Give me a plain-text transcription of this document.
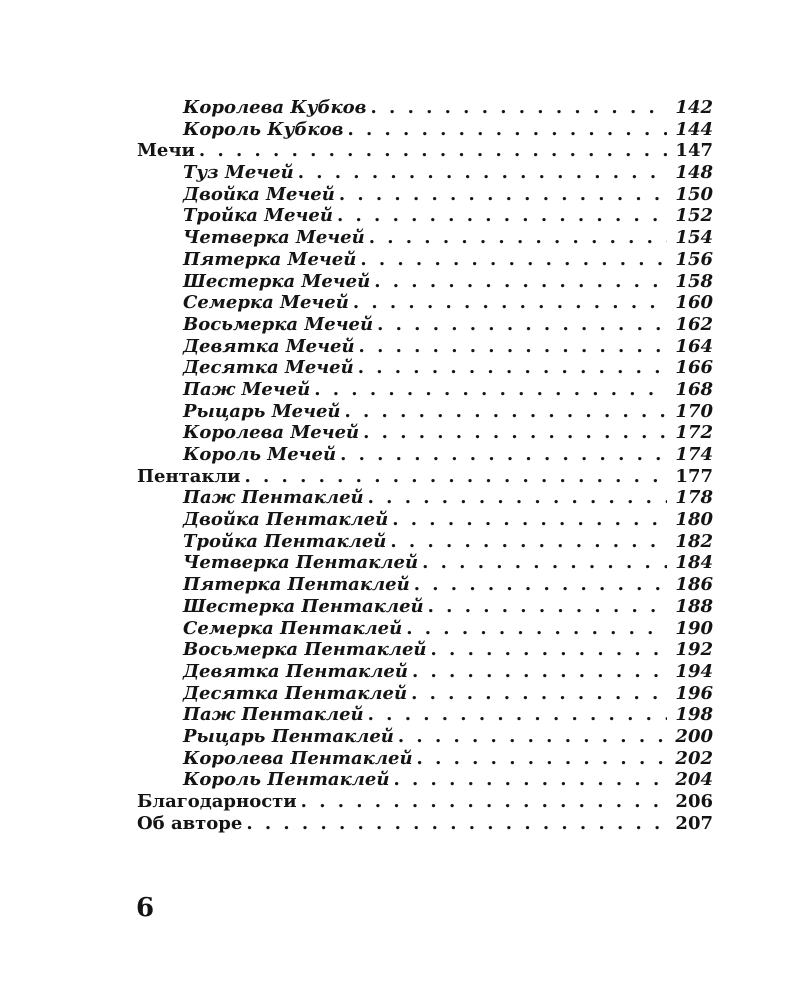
Королева Кубков . . .	142
Король Кубков . . .	144
Мечи . . .	147
Туз Мечей . . .	148
Двойка Мечей . . .	150
Тройка Мечей . . .	152
Четверка Мечей . . .	154
Пятерка Мечей . . .	156
Шестерка Мечей . . .	158
Семерка Мечей . . .	160
Восьмерка Мечей . . .	162
Девятка Мечей . . .	164
Десятка Мечей . . .	166
Паж Мечей . . .	168
Рыцарь Мечей . . .	170
Королева Мечей . . .	172
Король Мечей . . .	174
Пентакли . . .	177
Паж Пентаклей . . .	178
Двойка Пентаклей . . .	180
Тройка Пентаклей . . .	182
Четверка Пентаклей . . .	184
Пятерка Пентаклей . . .	186
Шестерка Пентаклей . . .	188
Семерка Пентаклей . . .	190
Восьмерка Пентаклей . . .	192
Девятка Пентаклей . . .	194
Десятка Пентаклей . . .	196
Паж Пентаклей . . .	198
Рыцарь Пентаклей . . .	200
Королева Пентаклей . . .	202
Король Пентаклей . . .	204
Благодарности . . .	206
Об авторе . . .	207
6
